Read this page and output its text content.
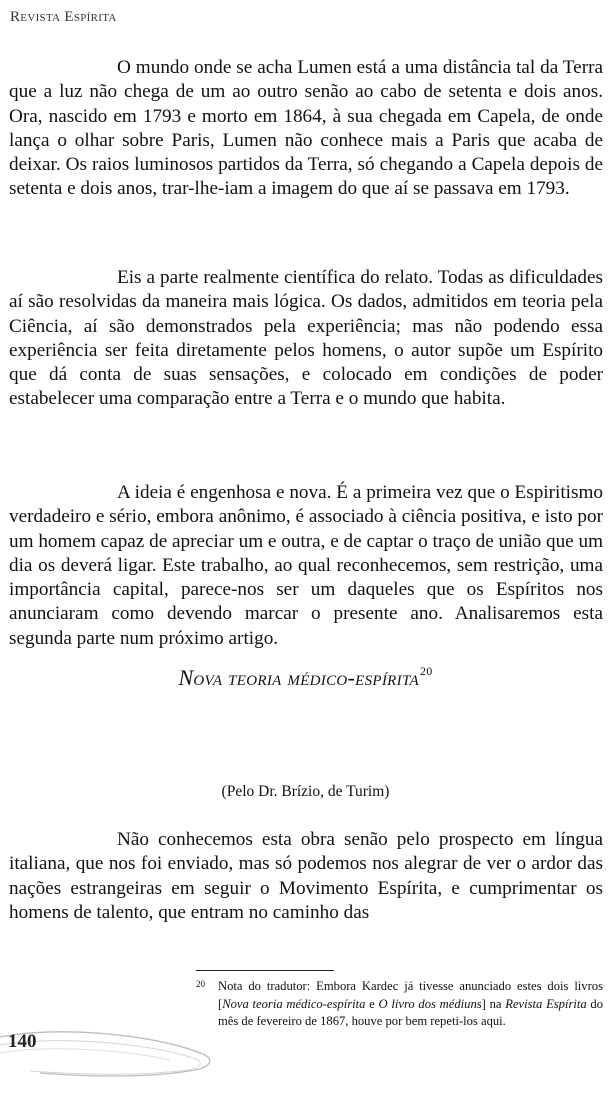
Revista Espírita

O mundo onde se acha Lumen está a uma distância tal da Terra que a luz não chega de um ao outro senão ao cabo de setenta e dois anos. Ora, nascido em 1793 e morto em 1864, à sua chegada em Capela, de onde lança o olhar sobre Paris, Lumen não conhece mais a Paris que acaba de deixar. Os raios luminosos partidos da Terra, só chegando a Capela depois de setenta e dois anos, trar-lhe-iam a imagem do que aí se passava em 1793.

Eis a parte realmente científica do relato. Todas as dificuldades aí são resolvidas da maneira mais lógica. Os dados, admitidos em teoria pela Ciência, aí são demonstrados pela experiência; mas não podendo essa experiência ser feita diretamente pelos homens, o autor supõe um Espírito que dá conta de suas sensações, e colocado em condições de poder estabelecer uma comparação entre a Terra e o mundo que habita.

A ideia é engenhosa e nova. É a primeira vez que o Espiritismo verdadeiro e sério, embora anônimo, é associado à ciência positiva, e isto por um homem capaz de apreciar um e outra, e de captar o traço de união que um dia os deverá ligar. Este trabalho, ao qual reconhecemos, sem restrição, uma importância capital, parece-nos ser um daqueles que os Espíritos nos anunciaram como devendo marcar o presente ano. Analisaremos esta segunda parte num próximo artigo.

Nova teoria médico-espírita$^{20}$
(Pelo Dr. Brízio, de Turim)

Não conhecemos esta obra senão pelo prospecto em língua italiana, que nos foi enviado, mas só podemos nos alegrar de ver o ardor das nações estrangeiras em seguir o Movimento Espírita, e cumprimentar os homens de talento, que entram no caminho das

20 Nota do tradutor: Embora Kardec já tivesse anunciado estes dois livros [Nova teoria médico-espírita e O livro dos médiuns] na Revista Espírita do mês de fevereiro de 1867, houve por bem repeti-los aqui.
140
